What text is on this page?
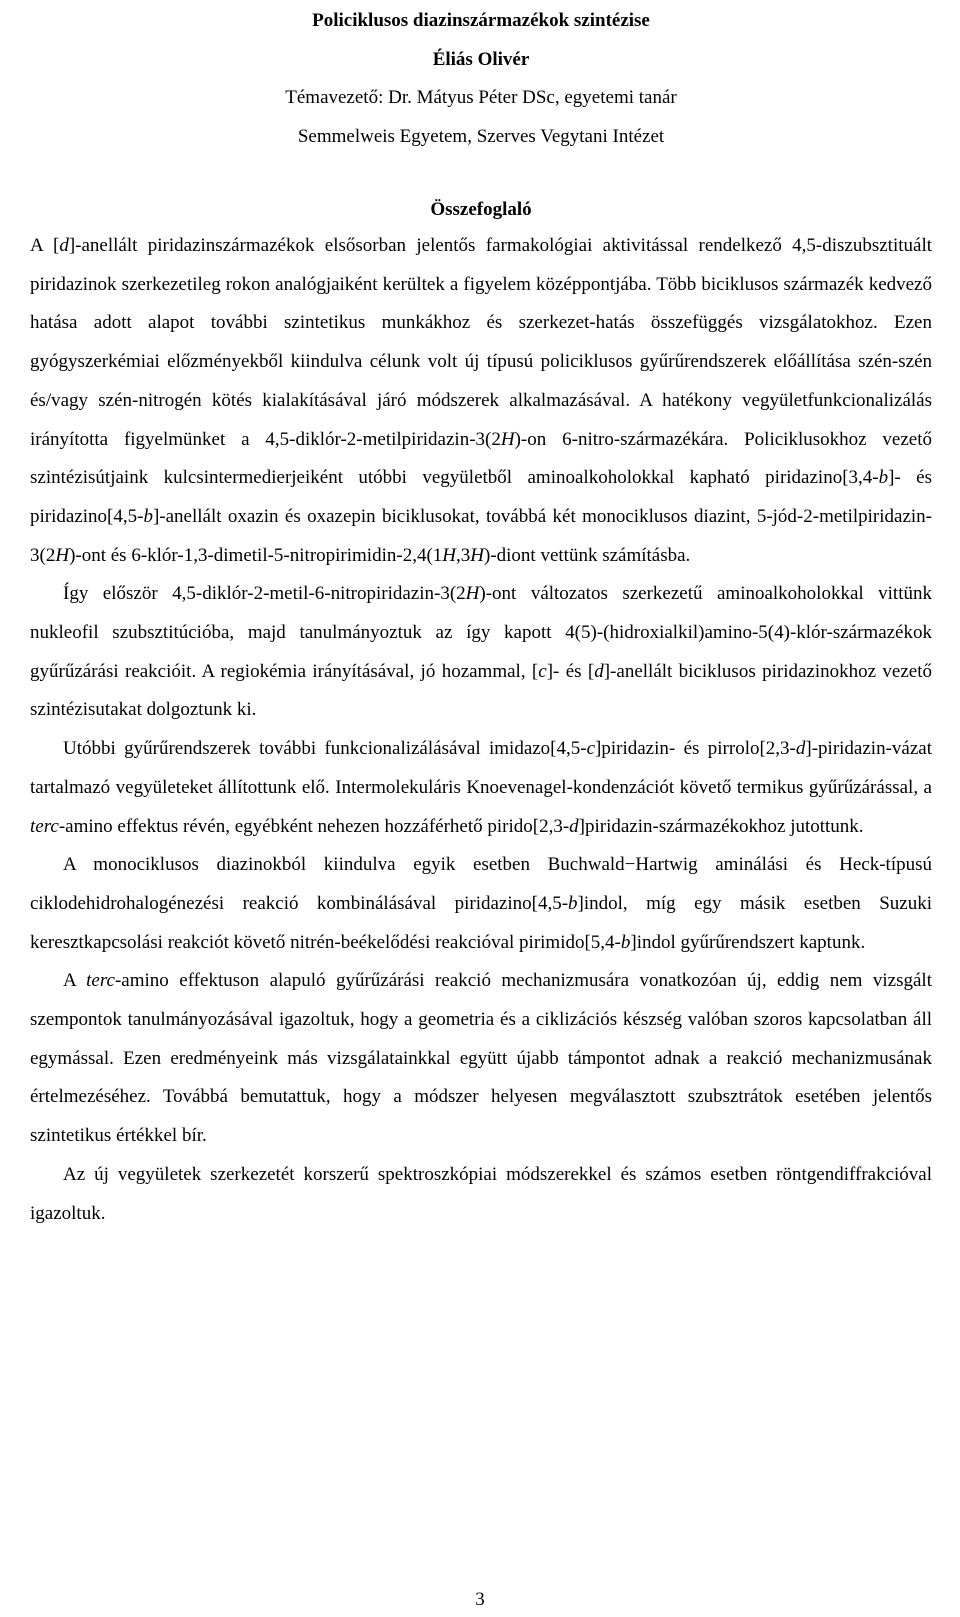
Policiklusos diazinszármazékok szintézise

Éliás Olivér

Témavezető: Dr. Mátyus Péter DSc, egyetemi tanár

Semmelweis Egyetem, Szerves Vegytani Intézet

Összefoglaló

A [d]-anellált piridazinszármazékok elsősorban jelentős farmakológiai aktivitással rendelkező 4,5-diszubsztituált piridazinok szerkezetileg rokon analógjaiként kerültek a figyelem középpontjába. Több biciklusos származék kedvező hatása adott alapot további szintetikus munkákhoz és szerkezet-hatás összefüggés vizsgálatokhoz. Ezen gyógyszerkémiai előzményekből kiindulva célunk volt új típusú policiklusos gyűrűrendszerek előállítása szén-szén és/vagy szén-nitrogén kötés kialakításával járó módszerek alkalmazásával. A hatékony vegyületfunkcionalizálás irányította figyelmünket a 4,5-diklór-2-metilpiridazin-3(2H)-on 6-nitro-származékára. Policiklusokhoz vezető szintézisútjaink kulcsintermedierjeiként utóbbi vegyületből aminoalkoholokkal kapható piridazino[3,4-b]- és piridazino[4,5-b]-anellált oxazin és oxazepin biciklusokat, továbbá két monociklusos diazint, 5-jód-2-metilpiridazin-3(2H)-ont és 6-klór-1,3-dimetil-5-nitropirimidin-2,4(1H,3H)-diont vettünk számításba.

Így először 4,5-diklór-2-metil-6-nitropiridazin-3(2H)-ont változatos szerkezetű aminoalkoholokkal vittünk nukleofil szubsztitúcióba, majd tanulmányoztuk az így kapott 4(5)-(hidroxialkil)amino-5(4)-klór-származékok gyűrűzárási reakcióit. A regiokémia irányításával, jó hozammal, [c]- és [d]-anellált biciklusos piridazinokhoz vezető szintézisutakat dolgoztunk ki.

Utóbbi gyűrűrendszerek további funkcionalizálásával imidazo[4,5-c]piridazin- és pirrolo[2,3-d]-piridazin-vázat tartalmazó vegyületeket állítottunk elő. Intermolekuláris Knoevenagel-kondenzációt követő termikus gyűrűzárással, a terc-amino effektus révén, egyébként nehezen hozzáférhető pirido[2,3-d]piridazin-származékokhoz jutottunk.

A monociklusos diazinokból kiindulva egyik esetben Buchwald−Hartwig aminálási és Heck-típusú ciklodehidrohalogénezési reakció kombinálásával piridazino[4,5-b]indol, míg egy másik esetben Suzuki keresztkapcsolási reakciót követő nitrén-beékelődési reakcióval pirimido[5,4-b]indol gyűrűrendszert kaptunk.

A terc-amino effektuson alapuló gyűrűzárási reakció mechanizmusára vonatkozóan új, eddig nem vizsgált szempontok tanulmányozásával igazoltuk, hogy a geometria és a ciklizációs készség valóban szoros kapcsolatban áll egymással. Ezen eredményeink más vizsgálatainkkal együtt újabb támpontot adnak a reakció mechanizmusának értelmezéséhez. Továbbá bemutattuk, hogy a módszer helyesen megválasztott szubsztrátok esetében jelentős szintetikus értékkel bír.

Az új vegyületek szerkezetét korszerű spektroszkópiai módszerekkel és számos esetben röntgendiffrakcióval igazoltuk.

3
